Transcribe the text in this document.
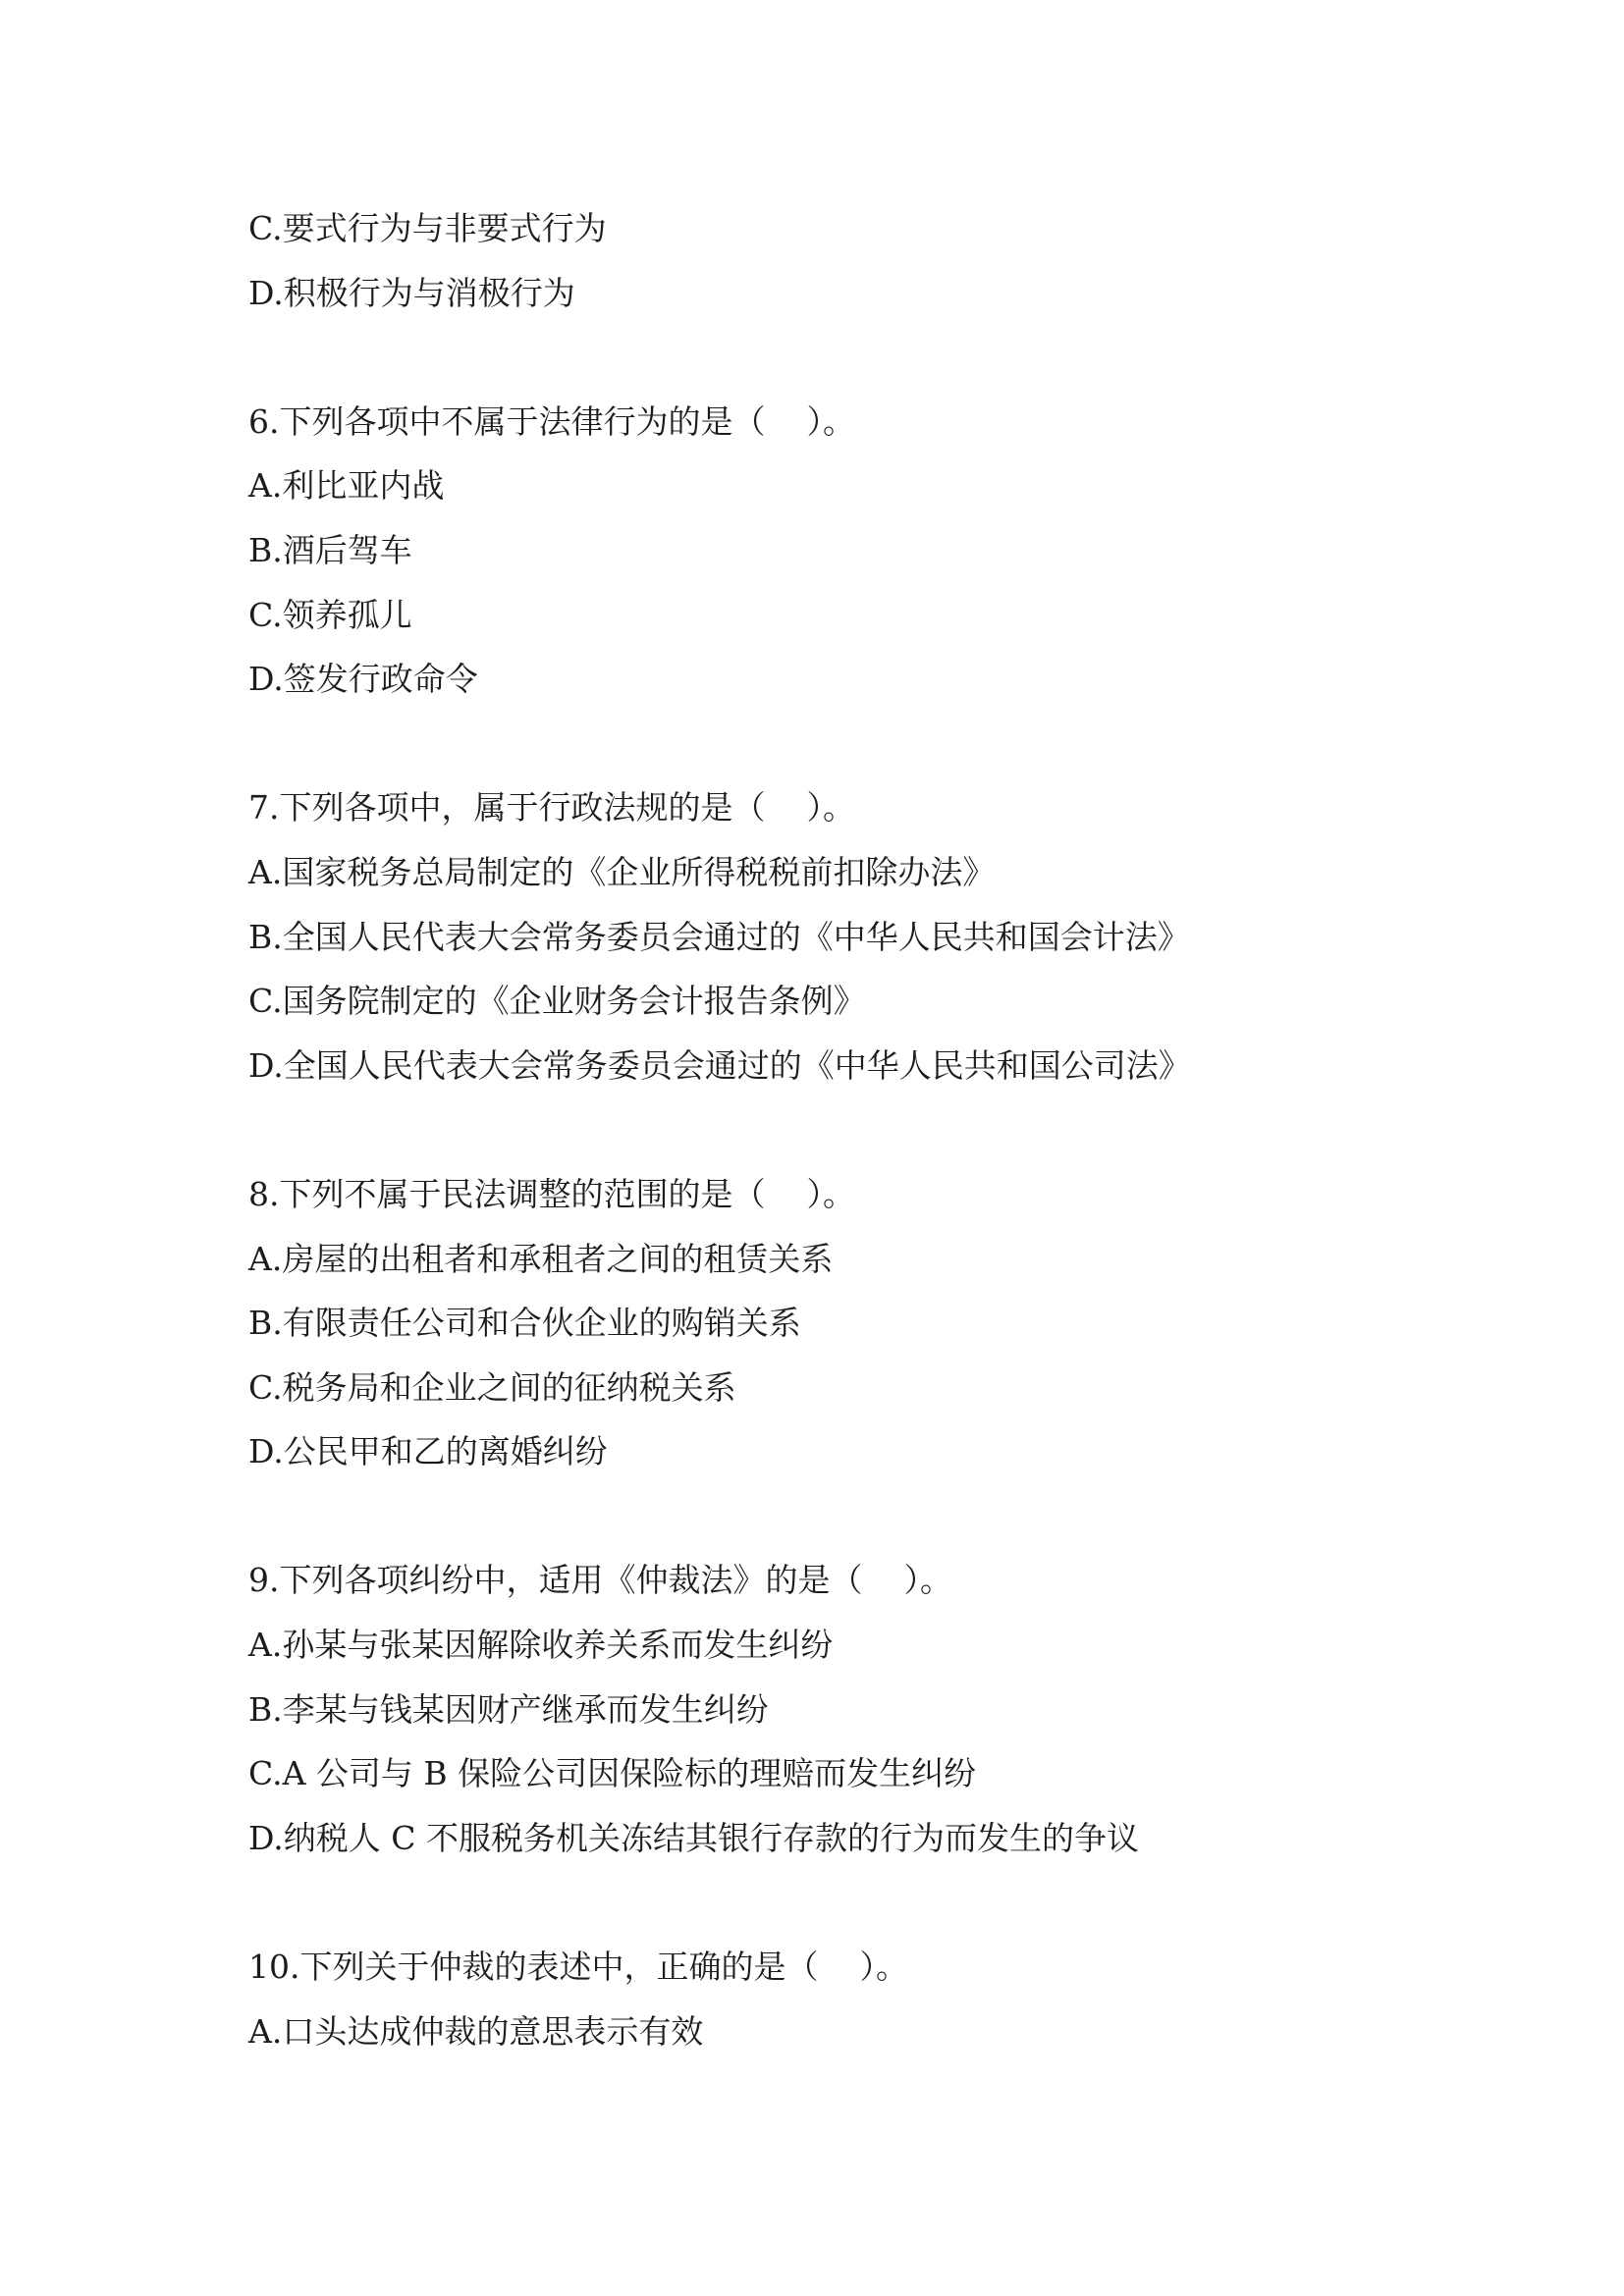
C.要式行为与非要式行为
D.积极行为与消极行为
6.下列各项中不属于法律行为的是（    ）。
A.利比亚内战
B.酒后驾车
C.领养孤儿
D.签发行政命令
7.下列各项中，属于行政法规的是（    ）。
A.国家税务总局制定的《企业所得税税前扣除办法》
B.全国人民代表大会常务委员会通过的《中华人民共和国会计法》
C.国务院制定的《企业财务会计报告条例》
D.全国人民代表大会常务委员会通过的《中华人民共和国公司法》
8.下列不属于民法调整的范围的是（    ）。
A.房屋的出租者和承租者之间的租赁关系
B.有限责任公司和合伙企业的购销关系
C.税务局和企业之间的征纳税关系
D.公民甲和乙的离婚纠纷
9.下列各项纠纷中，适用《仲裁法》的是（    ）。
A.孙某与张某因解除收养关系而发生纠纷
B.李某与钱某因财产继承而发生纠纷
C.A 公司与 B 保险公司因保险标的理赔而发生纠纷
D.纳税人 C 不服税务机关冻结其银行存款的行为而发生的争议
10.下列关于仲裁的表述中，正确的是（    ）。
A.口头达成仲裁的意思表示有效
